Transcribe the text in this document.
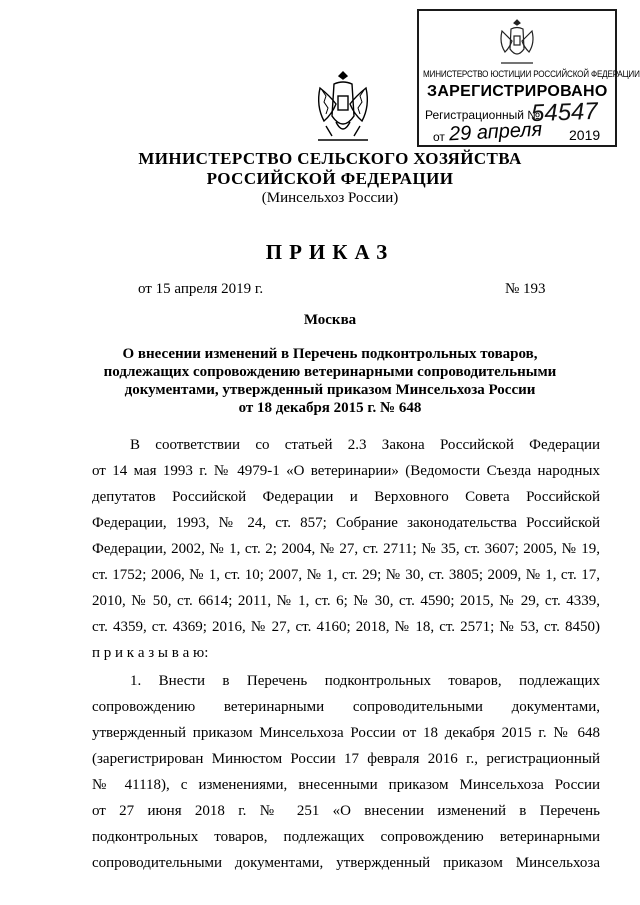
МИНИСТЕРСТВО ЮСТИЦИИ РОССИЙСКОЙ ФЕДЕРАЦИИ
ЗАРЕГИСТРИРОВАНО
Регистрационный №
54547
от 29 апреля 2019
МИНИСТЕРСТВО СЕЛЬСКОГО ХОЗЯЙСТВА
РОССИЙСКОЙ ФЕДЕРАЦИИ
(Минсельхоз России)
ПРИКАЗ
от 15 апреля 2019 г.	№ 193
Москва
О внесении изменений в Перечень подконтрольных товаров,
подлежащих сопровождению ветеринарными сопроводительными
документами, утвержденный приказом Минсельхоза России
от 18 декабря 2015 г. № 648
В соответствии со статьей 2.3 Закона Российской Федерации
от 14 мая 1993 г. № 4979-1 «О ветеринарии» (Ведомости Съезда народных
депутатов Российской Федерации и Верховного Совета Российской
Федерации, 1993, № 24, ст. 857; Собрание законодательства Российской
Федерации, 2002, № 1, ст. 2; 2004, № 27, ст. 2711; № 35, ст. 3607; 2005, № 19,
ст. 1752; 2006, № 1, ст. 10; 2007, № 1, ст. 29; № 30, ст. 3805; 2009, № 1, ст. 17,
2010, № 50, ст. 6614; 2011, № 1, ст. 6; № 30, ст. 4590; 2015, № 29, ст. 4339,
ст. 4359, ст. 4369; 2016, № 27, ст. 4160; 2018, № 18, ст. 2571; № 53, ст. 8450)
п р и к а з ы в а ю:
1. Внести в Перечень подконтрольных товаров, подлежащих
сопровождению ветеринарными сопроводительными документами,
утвержденный приказом Минсельхоза России от 18 декабря 2015 г. № 648
(зарегистрирован Минюстом России 17 февраля 2016 г., регистрационный
№ 41118), с изменениями, внесенными приказом Минсельхоза России
от 27 июня 2018 г. № 251 «О внесении изменений в Перечень
подконтрольных товаров, подлежащих сопровождению ветеринарными
сопроводительными документами, утвержденный приказом Минсельхоза
